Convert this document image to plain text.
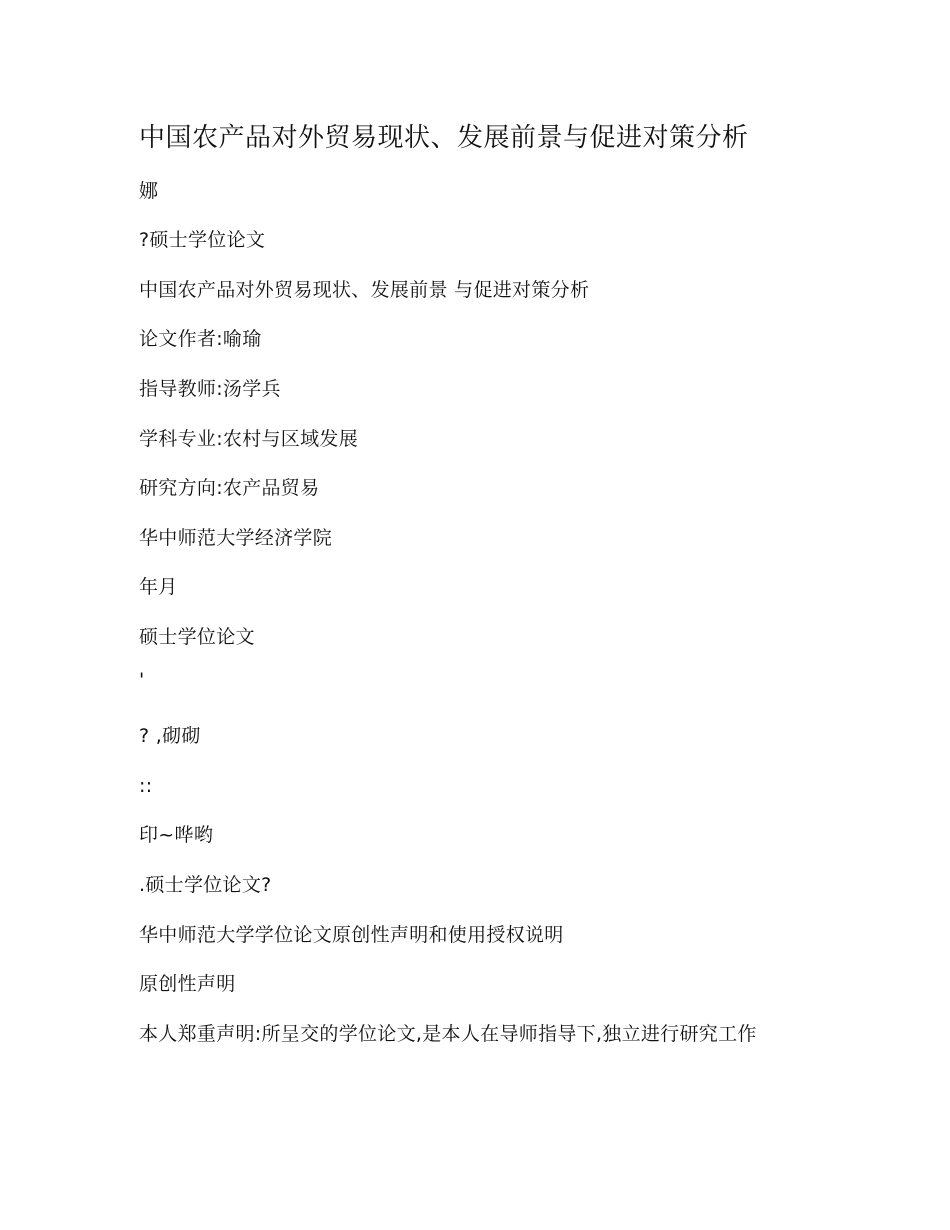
中国农产品对外贸易现状、发展前景与促进对策分析

娜

?硕士学位论文

中国农产品对外贸易现状、发展前景 与促进对策分析

论文作者:喻瑜

指导教师:汤学兵

学科专业:农村与区域发展

研究方向:农产品贸易

华中师范大学经济学院

年月

硕士学位论文

'

? ,砌砌

::

印~哗哟

.硕士学位论文?

华中师范大学学位论文原创性声明和使用授权说明

原创性声明

本人郑重声明:所呈交的学位论文,是本人在导师指导下,独立进行研究工作
